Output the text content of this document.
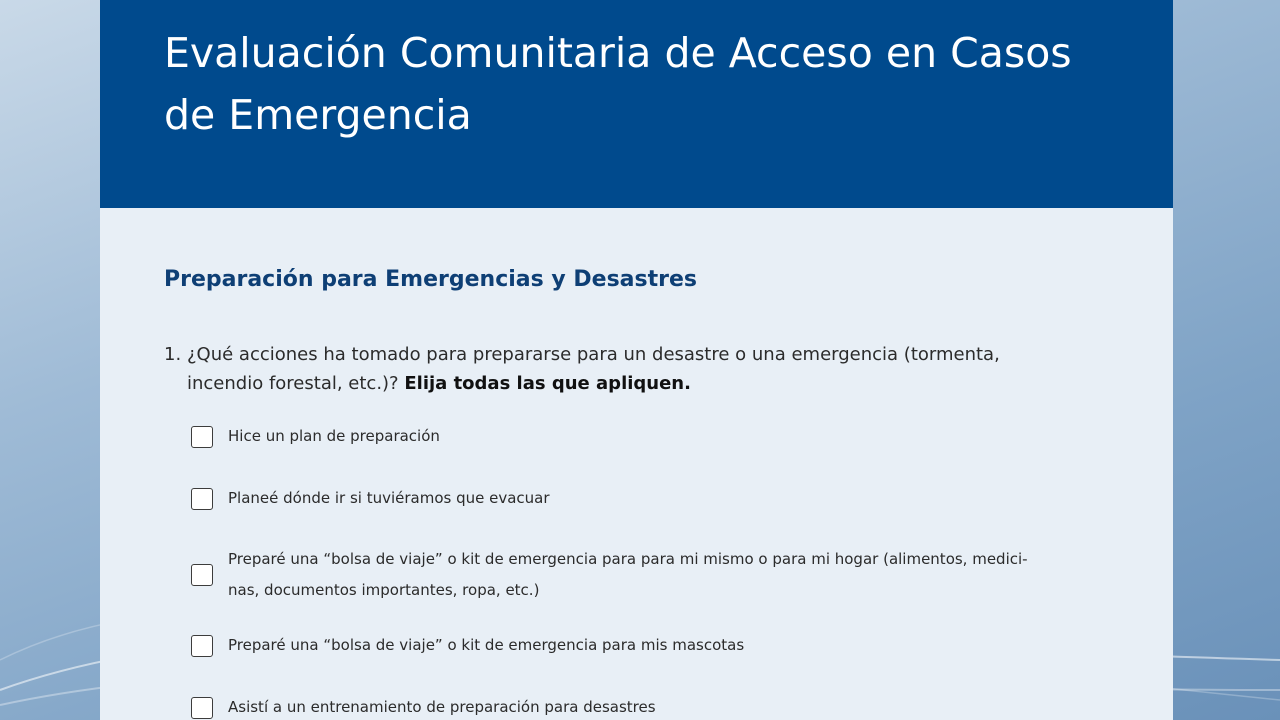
Evaluación Comunitaria de Acceso en Casos de Emergencia
Preparación para Emergencias y Desastres
1. ¿Qué acciones ha tomado para prepararse para un desastre o una emergencia (tormenta, incendio forestal, etc.)? Elija todas las que apliquen.
Hice un plan de preparación
Planeé dónde ir si tuviéramos que evacuar
Preparé una “bolsa de viaje” o kit de emergencia para para mi mismo o para mi hogar (alimentos, medicinas, documentos importantes, ropa, etc.)
Preparé una “bolsa de viaje” o kit de emergencia para mis mascotas
Asistí a un entrenamiento de preparación para desastres
